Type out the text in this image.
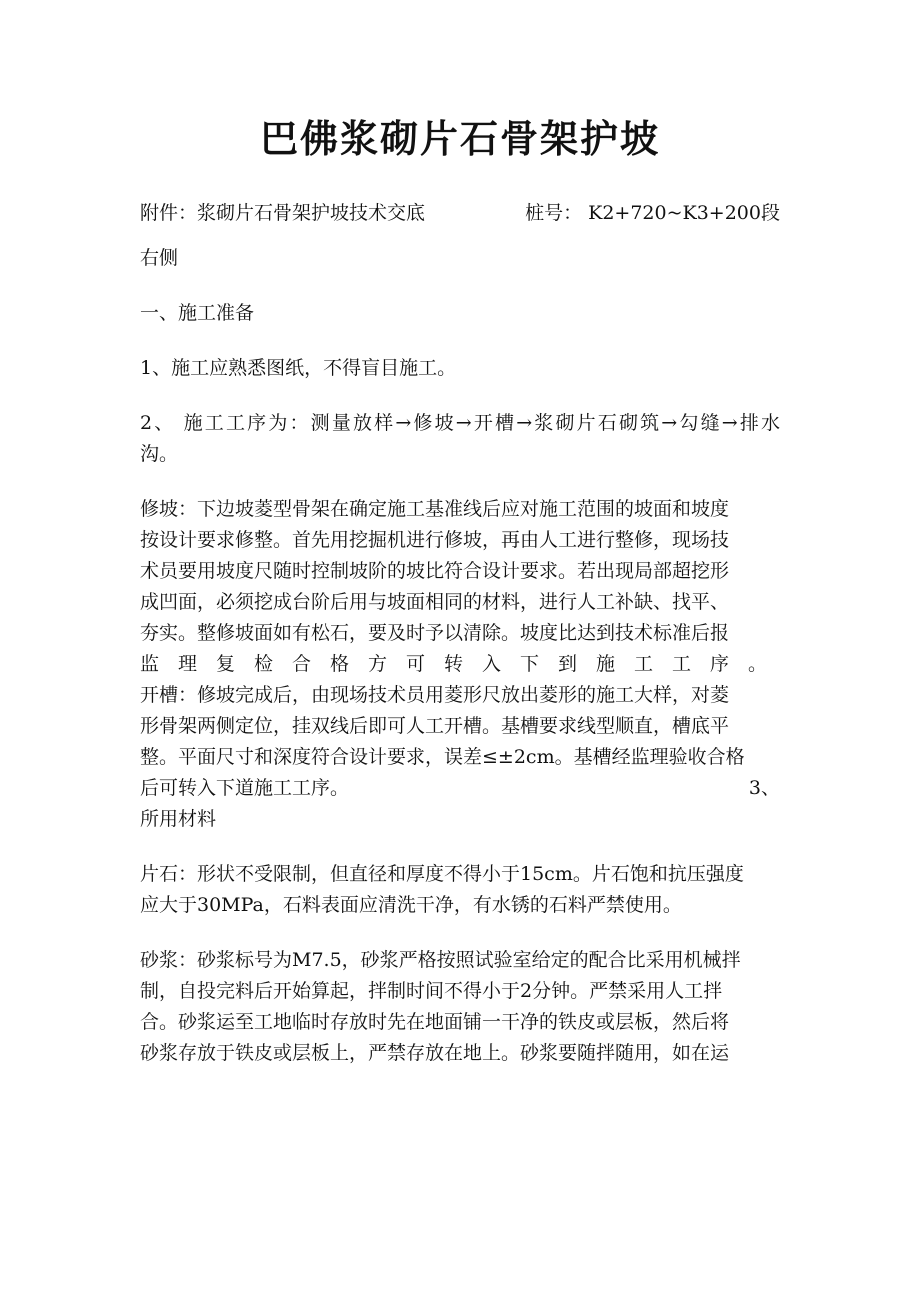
巴佛浆砌片石骨架护坡
附件：浆砌片石骨架护坡技术交底	桩号： K2+720~K3+200段
右侧
一、施工准备
1、施工应熟悉图纸，不得盲目施工。
2、 施工工序为：测量放样→修坡→开槽→浆砌片石砌筑→勾缝→排水
沟。
修坡：下边坡菱型骨架在确定施工基准线后应对施工范围的坡面和坡度
按设计要求修整。首先用挖掘机进行修坡，再由人工进行整修，现场技
术员要用坡度尺随时控制坡阶的坡比符合设计要求。若出现局部超挖形
成凹面，必须挖成台阶后用与坡面相同的材料，进行人工补缺、找平、
夯实。整修坡面如有松石，要及时予以清除。坡度比达到技术标准后报
监理复检合格方可转入下到施工工序。
开槽：修坡完成后，由现场技术员用菱形尺放出菱形的施工大样，对菱
形骨架两侧定位，挂双线后即可人工开槽。基槽要求线型顺直，槽底平
整。平面尺寸和深度符合设计要求，误差≤±2cm。基槽经监理验收合格
后可转入下道施工工序。	3、
所用材料
片石：形状不受限制，但直径和厚度不得小于15cm。片石饱和抗压强度
应大于30MPa，石料表面应清洗干净，有水锈的石料严禁使用。
砂浆：砂浆标号为M7.5，砂浆严格按照试验室给定的配合比采用机械拌
制，自投完料后开始算起，拌制时间不得小于2分钟。严禁采用人工拌
合。砂浆运至工地临时存放时先在地面铺一干净的铁皮或层板，然后将
砂浆存放于铁皮或层板上，严禁存放在地上。砂浆要随拌随用，如在运
